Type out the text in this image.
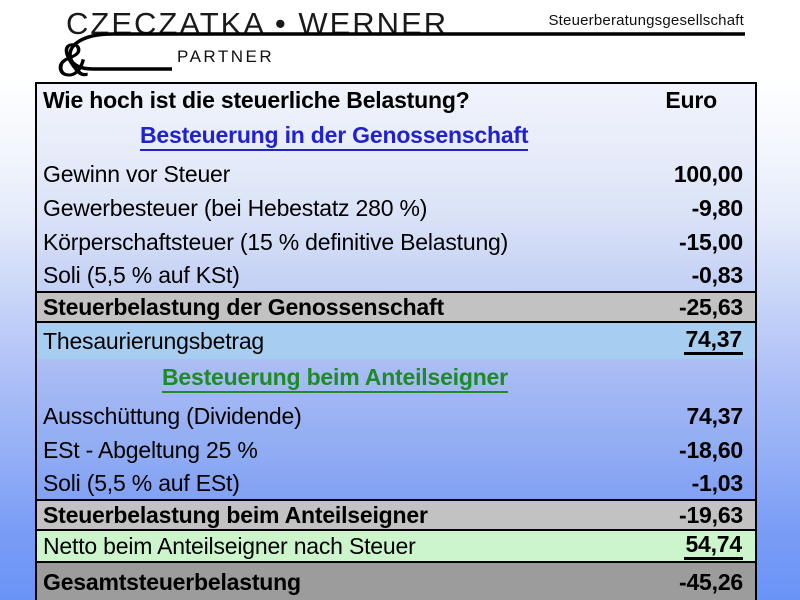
CZECZATKA • WERNER	Steuerberatungsgesellschaft
&	PARTNER
Wie hoch ist die steuerliche Belastung?	Euro
Besteuerung in der Genossenschaft
Gewinn vor Steuer	100,00
Gewerbesteuer (bei Hebestatz 280 %)	-9,80
Körperschaftsteuer (15 % definitive Belastung)	-15,00
Soli (5,5 % auf KSt)	-0,83
Steuerbelastung der Genossenschaft	-25,63
Thesaurierungsbetrag	74,37
Besteuerung beim Anteilseigner
Ausschüttung (Dividende)	74,37
ESt - Abgeltung 25 %	-18,60
Soli (5,5 % auf ESt)	-1,03
Steuerbelastung beim Anteilseigner	-19,63
Netto beim Anteilseigner nach Steuer	54,74
Gesamtsteuerbelastung	-45,26
